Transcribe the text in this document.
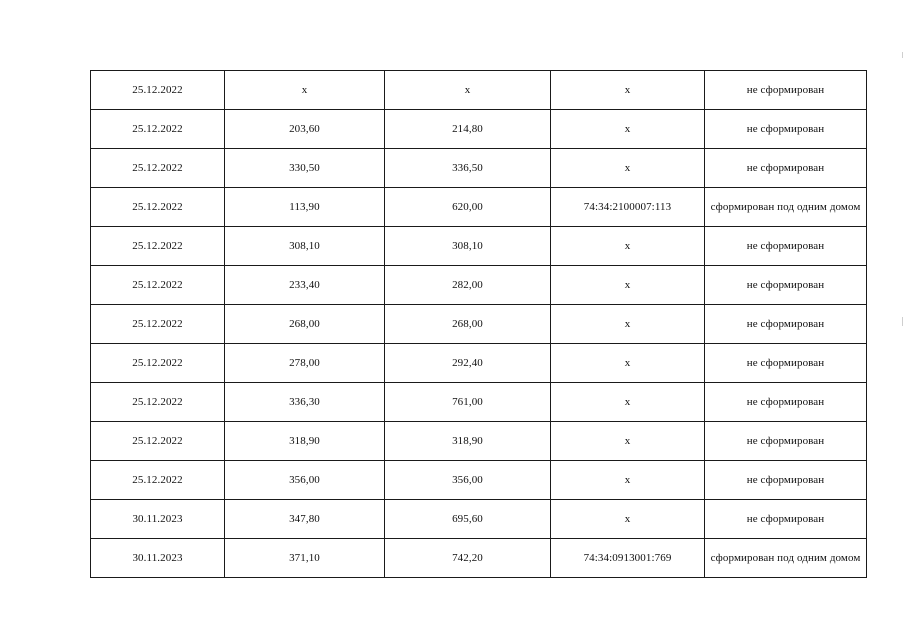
25.12.2022	x	x	x	не сформирован
25.12.2022	203,60	214,80	x	не сформирован
25.12.2022	330,50	336,50	x	не сформирован
25.12.2022	113,90	620,00	74:34:2100007:113	сформирован под одним домом
25.12.2022	308,10	308,10	x	не сформирован
25.12.2022	233,40	282,00	x	не сформирован
25.12.2022	268,00	268,00	x	не сформирован
25.12.2022	278,00	292,40	x	не сформирован
25.12.2022	336,30	761,00	x	не сформирован
25.12.2022	318,90	318,90	x	не сформирован
25.12.2022	356,00	356,00	x	не сформирован
30.11.2023	347,80	695,60	x	не сформирован
30.11.2023	371,10	742,20	74:34:0913001:769	сформирован под одним домом
